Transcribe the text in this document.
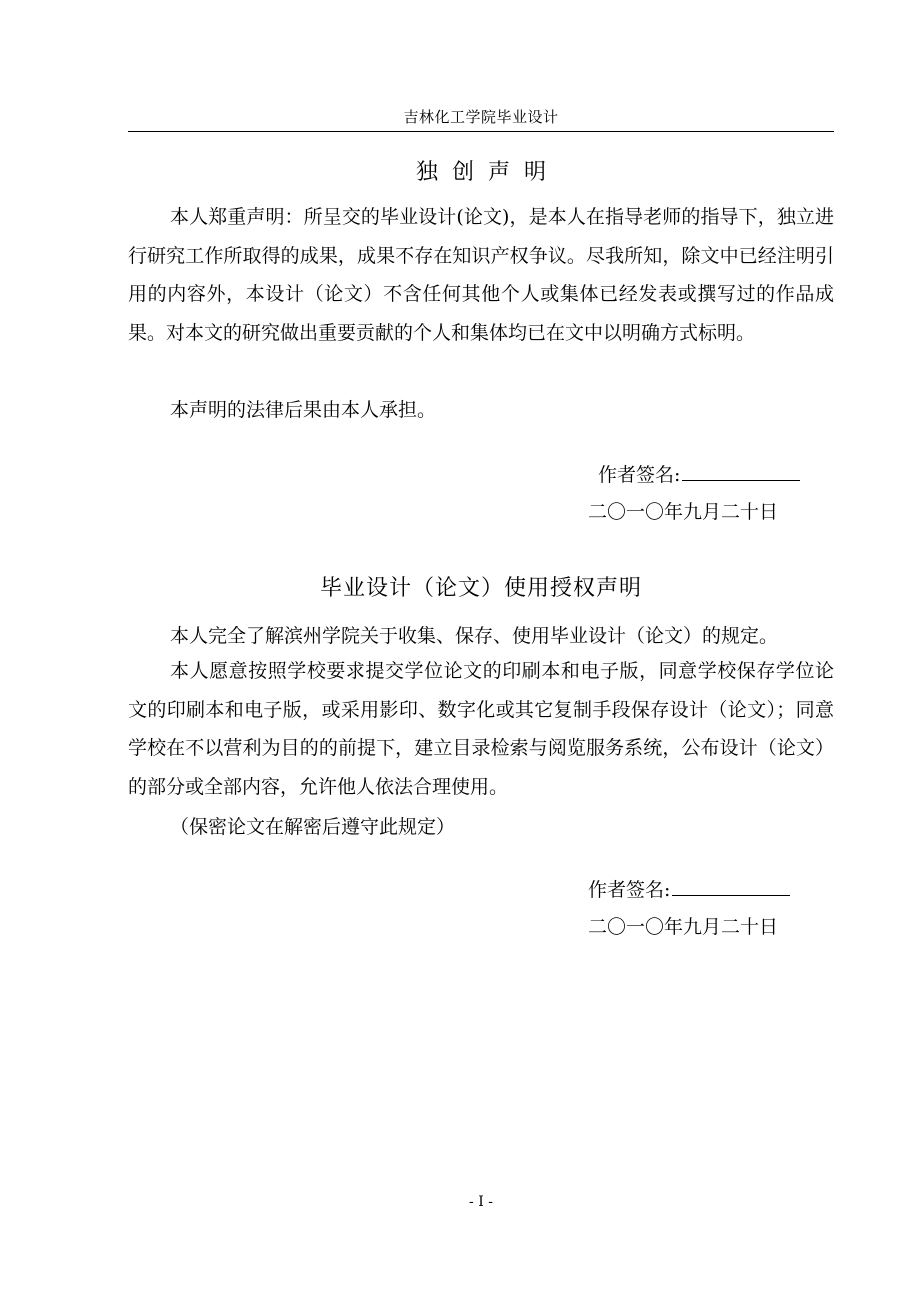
吉林化工学院毕业设计
独创声明

本人郑重声明：所呈交的毕业设计(论文)，是本人在指导老师的指导下，独立进行研究工作所取得的成果，成果不存在知识产权争议。尽我所知，除文中已经注明引用的内容外，本设计（论文）不含任何其他个人或集体已经发表或撰写过的作品成果。对本文的研究做出重要贡献的个人和集体均已在文中以明确方式标明。

本声明的法律后果由本人承担。

作者签名:
二〇一〇年九月二十日
毕业设计（论文）使用授权声明

本人完全了解滨州学院关于收集、保存、使用毕业设计（论文）的规定。

本人愿意按照学校要求提交学位论文的印刷本和电子版，同意学校保存学位论文的印刷本和电子版，或采用影印、数字化或其它复制手段保存设计（论文）；同意学校在不以营利为目的的前提下，建立目录检索与阅览服务系统，公布设计（论文）的部分或全部内容，允许他人依法合理使用。

（保密论文在解密后遵守此规定）

作者签名:
二〇一〇年九月二十日
- I -
